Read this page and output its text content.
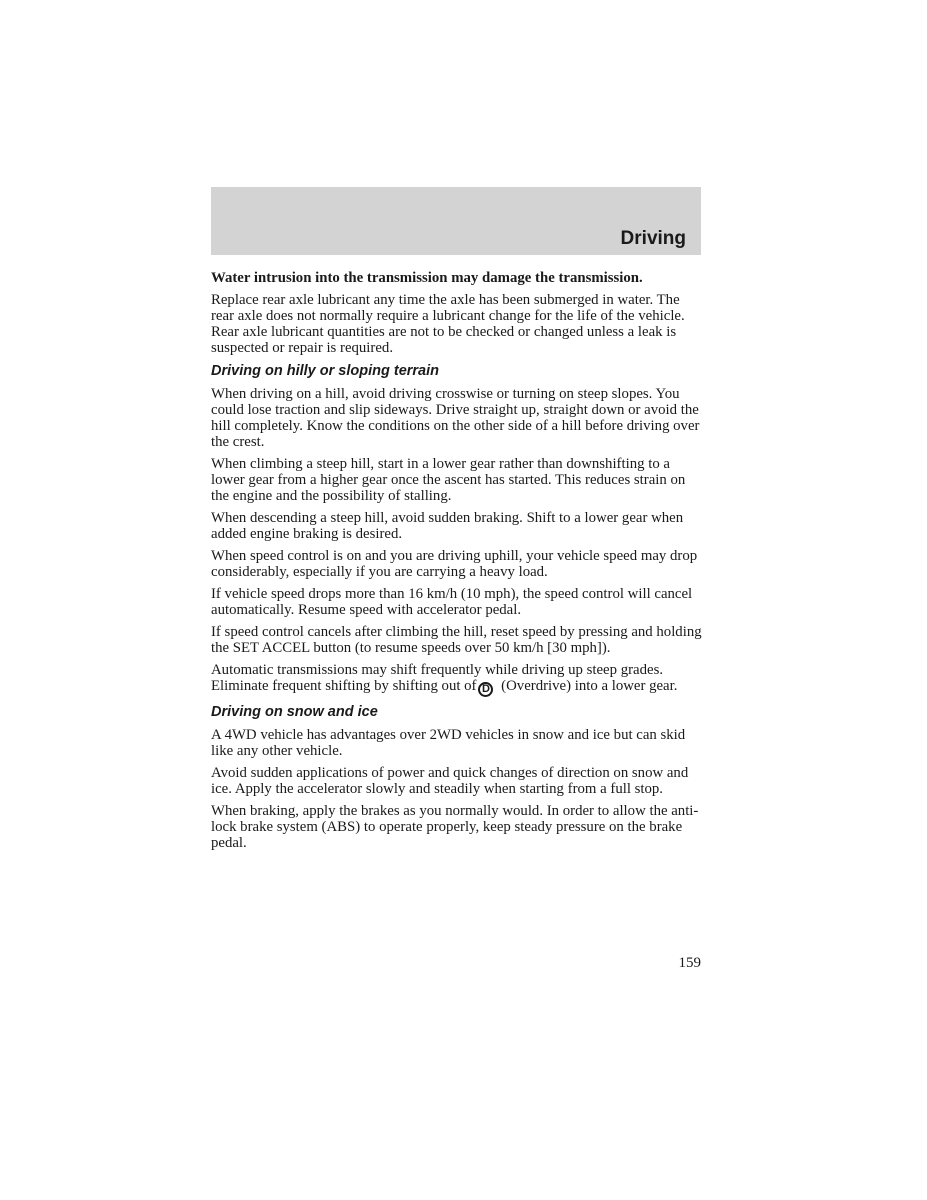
Driving

Water intrusion into the transmission may damage the transmission.

Replace rear axle lubricant any time the axle has been submerged in water. The rear axle does not normally require a lubricant change for the life of the vehicle. Rear axle lubricant quantities are not to be checked or changed unless a leak is suspected or repair is required.

Driving on hilly or sloping terrain

When driving on a hill, avoid driving crosswise or turning on steep slopes. You could lose traction and slip sideways. Drive straight up, straight down or avoid the hill completely. Know the conditions on the other side of a hill before driving over the crest.

When climbing a steep hill, start in a lower gear rather than downshifting to a lower gear from a higher gear once the ascent has started. This reduces strain on the engine and the possibility of stalling.

When descending a steep hill, avoid sudden braking. Shift to a lower gear when added engine braking is desired.

When speed control is on and you are driving uphill, your vehicle speed may drop considerably, especially if you are carrying a heavy load.

If vehicle speed drops more than 16 km/h (10 mph), the speed control will cancel automatically. Resume speed with accelerator pedal.

If speed control cancels after climbing the hill, reset speed by pressing and holding the SET ACCEL button (to resume speeds over 50 km/h [30 mph]).

Automatic transmissions may shift frequently while driving up steep grades. Eliminate frequent shifting by shifting out of D (Overdrive) into a lower gear.

Driving on snow and ice

A 4WD vehicle has advantages over 2WD vehicles in snow and ice but can skid like any other vehicle.

Avoid sudden applications of power and quick changes of direction on snow and ice. Apply the accelerator slowly and steadily when starting from a full stop.

When braking, apply the brakes as you normally would. In order to allow the anti-lock brake system (ABS) to operate properly, keep steady pressure on the brake pedal.

159
